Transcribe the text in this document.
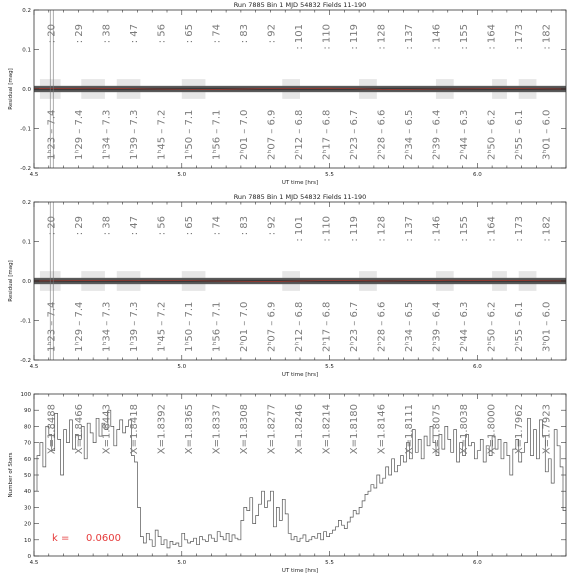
Run 7885 Bin 1 MJD 54832 Fields 11-190
: 20
1ʰ23 – 7.4
: 29
1ʰ29 – 7.4
: 38
1ʰ34 – 7.3
: 47
1ʰ39 – 7.3
: 56
1ʰ45 – 7.2
: 65
1ʰ50 – 7.1
: 74
1ʰ56 – 7.1
: 83
2ʰ01 – 7.0
: 92
2ʰ07 – 6.9
: 101
2ʰ12 – 6.8
: 110
2ʰ17 – 6.8
: 119
2ʰ23 – 6.7
: 128
2ʰ28 – 6.6
: 137
2ʰ34 – 6.5
: 146
2ʰ39 – 6.4
: 155
2ʰ44 – 6.3
: 164
2ʰ50 – 6.2
: 173
2ʰ55 – 6.1
: 182
3ʰ01 – 6.0
4.5	5.0	5.5	6.0
-0.2
-0.1
0.0
0.1
0.2
UT time [hrs]
Residual [mag]
Run 7885 Bin 1 MJD 54832 Fields 11-190
: 20
1ʰ23 – 7.4
: 29
1ʰ29 – 7.4
: 38
1ʰ34 – 7.3
: 47
1ʰ39 – 7.3
: 56
1ʰ45 – 7.2
: 65
1ʰ50 – 7.1
: 74
1ʰ56 – 7.1
: 83
2ʰ01 – 7.0
: 92
2ʰ07 – 6.9
: 101
2ʰ12 – 6.8
: 110
2ʰ17 – 6.8
: 119
2ʰ23 – 6.7
: 128
2ʰ28 – 6.6
: 137
2ʰ34 – 6.5
: 146
2ʰ39 – 6.4
: 155
2ʰ44 – 6.3
: 164
2ʰ50 – 6.2
: 173
2ʰ55 – 6.1
: 182
3ʰ01 – 6.0
4.5	5.0	5.5	6.0
-0.2
-0.1
0.0
0.1
0.2
UT time [hrs]
Residual [mag]
X=1.8488 X=1.8466 X=1.8443 X=1.8418 X=1.8392 X=1.8365 X=1.8337 X=1.8308 X=1.8277 X=1.8246 X=1.8214 X=1.8180 X=1.8146 X=1.8111 X=1.8075 X=1.8038 X=1.8000 X=1.7962 X=1.7923
k = 0.0600
4.5	5.0	5.5	6.0
0
10
20
30
40
50
60
70
80
90
100
UT time [hrs]
Number of Stars
